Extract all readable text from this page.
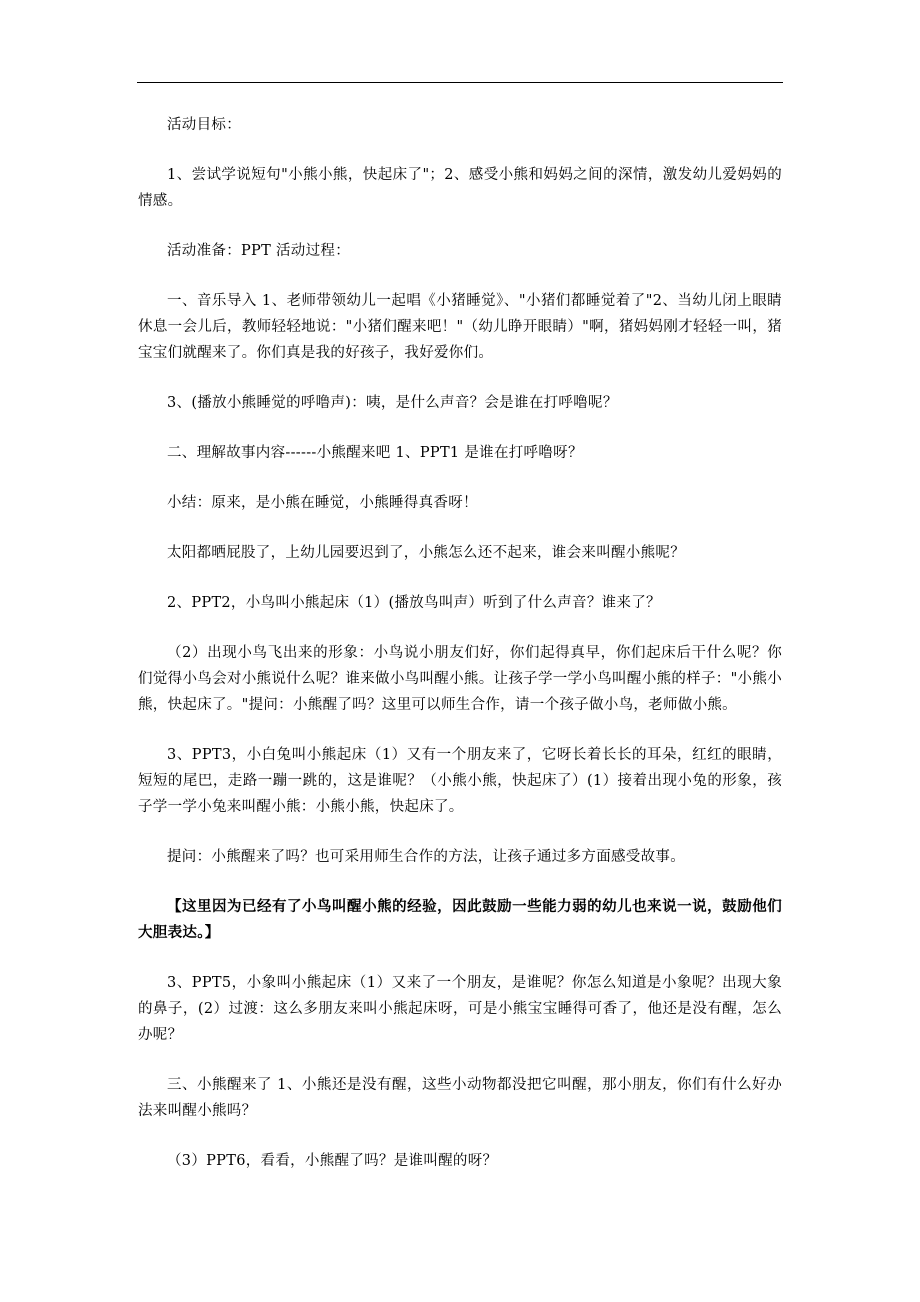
活动目标：

1、尝试学说短句"小熊小熊，快起床了"；2、感受小熊和妈妈之间的深情，激发幼儿爱妈妈的情感。

活动准备：PPT 活动过程：

一、音乐导入 1、老师带领幼儿一起唱《小猪睡觉》、"小猪们都睡觉着了"2、当幼儿闭上眼睛休息一会儿后，教师轻轻地说："小猪们醒来吧！"（幼儿睁开眼睛）"啊，猪妈妈刚才轻轻一叫，猪宝宝们就醒来了。你们真是我的好孩子，我好爱你们。

3、(播放小熊睡觉的呼噜声)：咦，是什么声音？会是谁在打呼噜呢？

二、理解故事内容------小熊醒来吧 1、PPT1 是谁在打呼噜呀？

小结：原来，是小熊在睡觉，小熊睡得真香呀！

太阳都晒屁股了，上幼儿园要迟到了，小熊怎么还不起来，谁会来叫醒小熊呢？

2、PPT2，小鸟叫小熊起床（1）(播放鸟叫声）听到了什么声音？谁来了？

（2）出现小鸟飞出来的形象：小鸟说小朋友们好，你们起得真早，你们起床后干什么呢？你们觉得小鸟会对小熊说什么呢？谁来做小鸟叫醒小熊。让孩子学一学小鸟叫醒小熊的样子："小熊小熊，快起床了。"提问：小熊醒了吗？这里可以师生合作，请一个孩子做小鸟，老师做小熊。

3、PPT3，小白兔叫小熊起床（1）又有一个朋友来了，它呀长着长长的耳朵，红红的眼睛，短短的尾巴，走路一蹦一跳的，这是谁呢？（小熊小熊，快起床了）(1）接着出现小兔的形象，孩子学一学小兔来叫醒小熊：小熊小熊，快起床了。

提问：小熊醒来了吗？也可采用师生合作的方法，让孩子通过多方面感受故事。

【这里因为已经有了小鸟叫醒小熊的经验，因此鼓励一些能力弱的幼儿也来说一说，鼓励他们大胆表达。】

3、PPT5，小象叫小熊起床（1）又来了一个朋友，是谁呢？你怎么知道是小象呢？出现大象的鼻子，(2）过渡：这么多朋友来叫小熊起床呀，可是小熊宝宝睡得可香了，他还是没有醒，怎么办呢？

三、小熊醒来了 1、小熊还是没有醒，这些小动物都没把它叫醒，那小朋友，你们有什么好办法来叫醒小熊吗？

（3）PPT6，看看，小熊醒了吗？是谁叫醒的呀？
